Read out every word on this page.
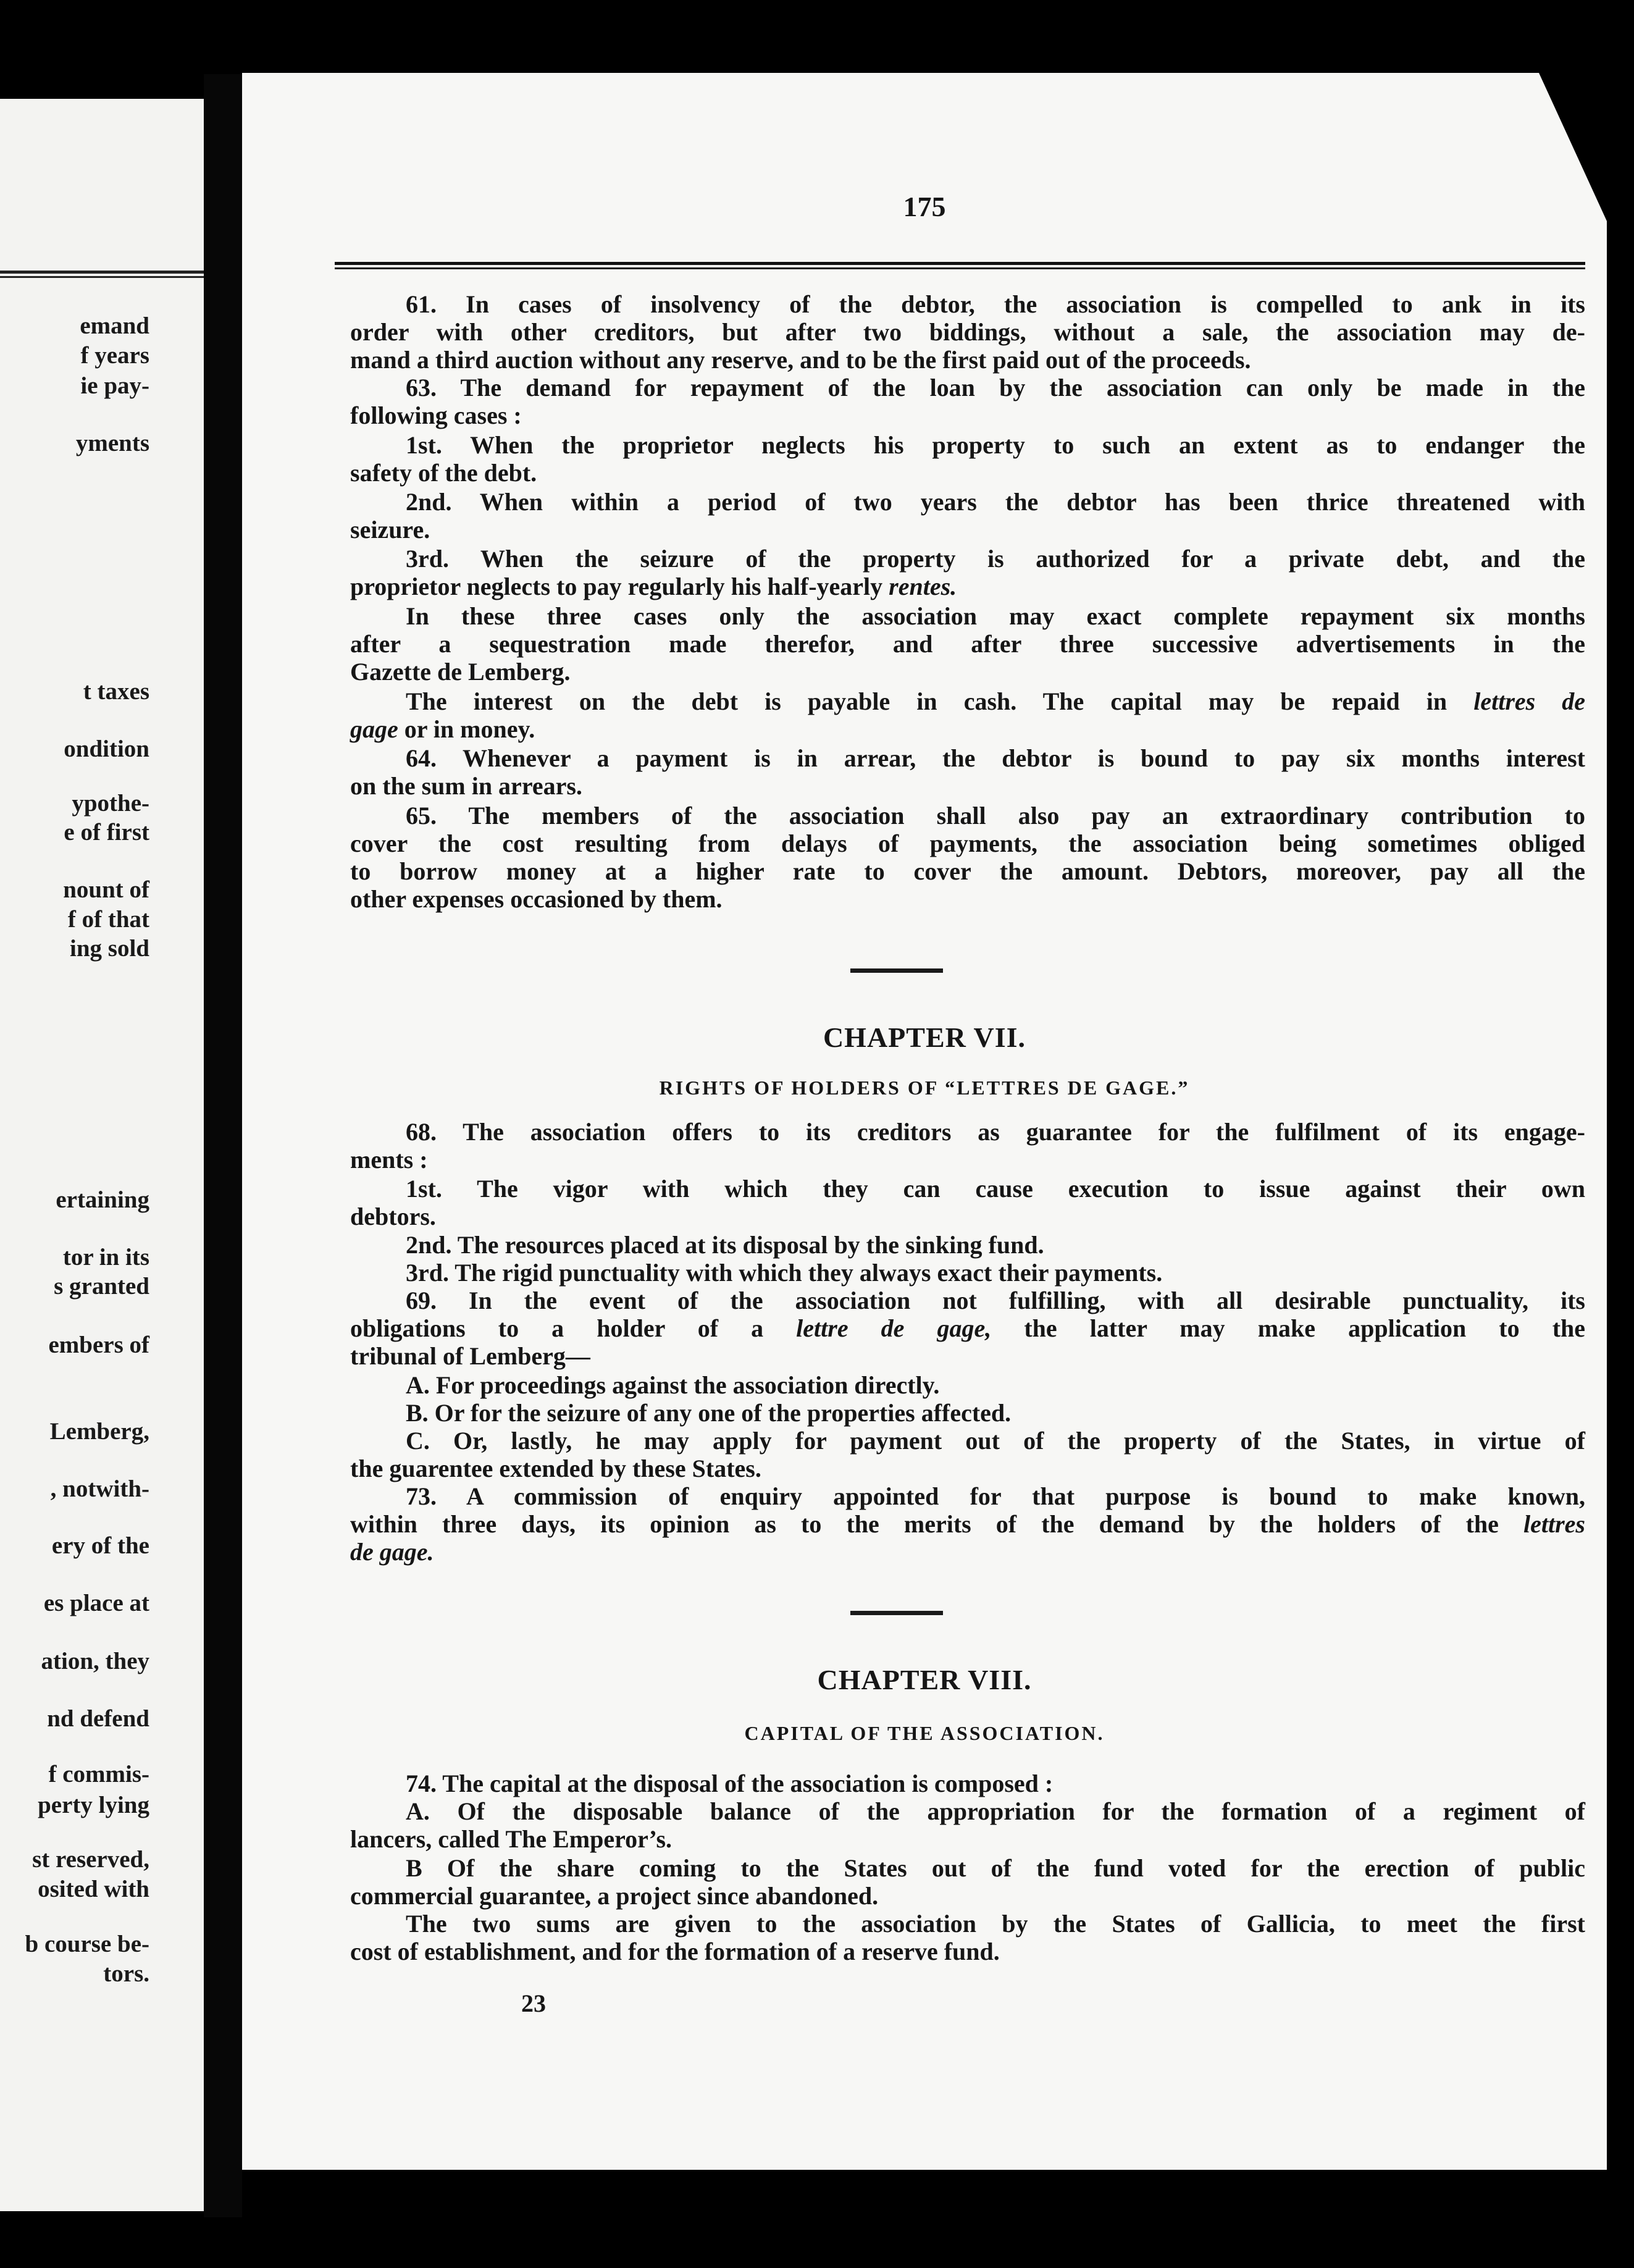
emand
f years
ie pay-
yments
t taxes
ondition
ypothe-
e of first
nount of
f of that
ing sold
ertaining
tor in its
s granted
embers of
Lemberg,
, notwith-
ery of the
es place at
ation, they
nd defend
f commis-
perty lying
st reserved,
osited with
b course be-
tors.
175
61. In cases of insolvency of the debtor, the association is compelled to ank in its
order with other creditors, but after two biddings, without a sale, the association may de-
mand a third auction without any reserve, and to be the first paid out of the proceeds.
63. The demand for repayment of the loan by the association can only be made in the
following cases :
1st. When the proprietor neglects his property to such an extent as to endanger the
safety of the debt.
2nd. When within a period of two years the debtor has been thrice threatened with
seizure.
3rd. When the seizure of the property is authorized for a private debt, and the
proprietor neglects to pay regularly his half-yearly rentes.
In these three cases only the association may exact complete repayment six months
after a sequestration made therefor, and after three successive advertisements in the
Gazette de Lemberg.
The interest on the debt is payable in cash. The capital may be repaid in lettres de
gage or in money.
64. Whenever a payment is in arrear, the debtor is bound to pay six months interest
on the sum in arrears.
65. The members of the association shall also pay an extraordinary contribution to
cover the cost resulting from delays of payments, the association being sometimes obliged
to borrow money at a higher rate to cover the amount. Debtors, moreover, pay all the
other expenses occasioned by them.
CHAPTER VII.
RIGHTS OF HOLDERS OF “LETTRES DE GAGE.”
68. The association offers to its creditors as guarantee for the fulfilment of its engage-
ments :
1st. The vigor with which they can cause execution to issue against their own
debtors.
2nd. The resources placed at its disposal by the sinking fund.
3rd. The rigid punctuality with which they always exact their payments.
69. In the event of the association not fulfilling, with all desirable punctuality, its
obligations to a holder of a lettre de gage, the latter may make application to the
tribunal of Lemberg—
A. For proceedings against the association directly.
B. Or for the seizure of any one of the properties affected.
C. Or, lastly, he may apply for payment out of the property of the States, in virtue of
the guarentee extended by these States.
73. A commission of enquiry appointed for that purpose is bound to make known,
within three days, its opinion as to the merits of the demand by the holders of the lettres
de gage.
CHAPTER VIII.
CAPITAL OF THE ASSOCIATION.
74. The capital at the disposal of the association is composed :
A. Of the disposable balance of the appropriation for the formation of a regiment of
lancers, called The Emperor’s.
B Of the share coming to the States out of the fund voted for the erection of public
commercial guarantee, a project since abandoned.
The two sums are given to the association by the States of Gallicia, to meet the first
cost of establishment, and for the formation of a reserve fund.
23
